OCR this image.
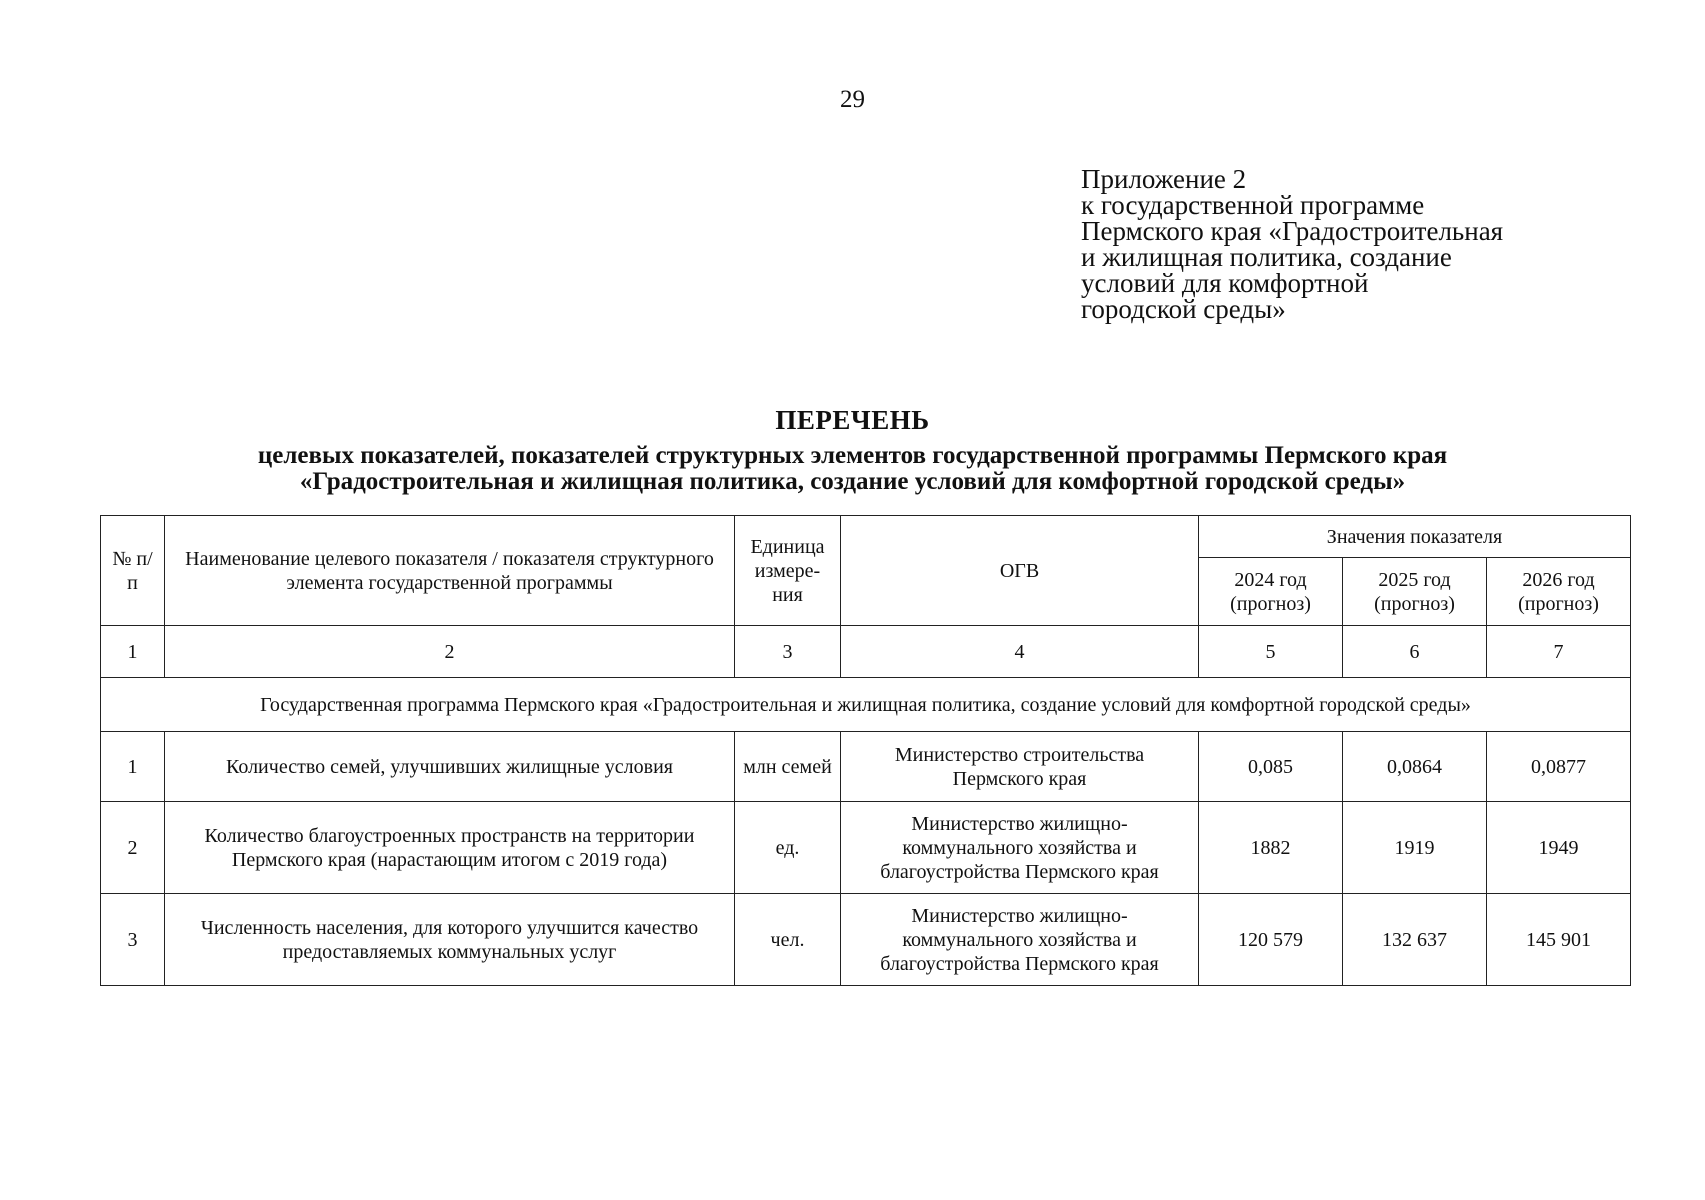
29
Приложение 2
к государственной программе
Пермского края «Градостроительная
и жилищная политика, создание
условий для комфортной
городской среды»
ПЕРЕЧЕНЬ
целевых показателей, показателей структурных элементов государственной программы Пермского края
«Градостроительная и жилищная политика, создание условий для комфортной городской среды»
№ п/п	Наименование целевого показателя / показателя структурного элемента государственной программы	Единица измере-ния	ОГВ	Значения показателя		
				2024 год (прогноз)	2025 год (прогноз)	2026 год (прогноз)
1	2	3	4	5	6	7
Государственная программа Пермского края «Градостроительная и жилищная политика, создание условий для комфортной городской среды»						
1	Количество семей, улучшивших жилищные условия	млн семей	Министерство строительства Пермского края	0,085	0,0864	0,0877
2	Количество благоустроенных пространств на территории Пермского края (нарастающим итогом с 2019 года)	ед.	Министерство жилищно-коммунального хозяйства и благоустройства Пермского края	1882	1919	1949
3	Численность населения, для которого улучшится качество предоставляемых коммунальных услуг	чел.	Министерство жилищно-коммунального хозяйства и благоустройства Пермского края	120 579	132 637	145 901
